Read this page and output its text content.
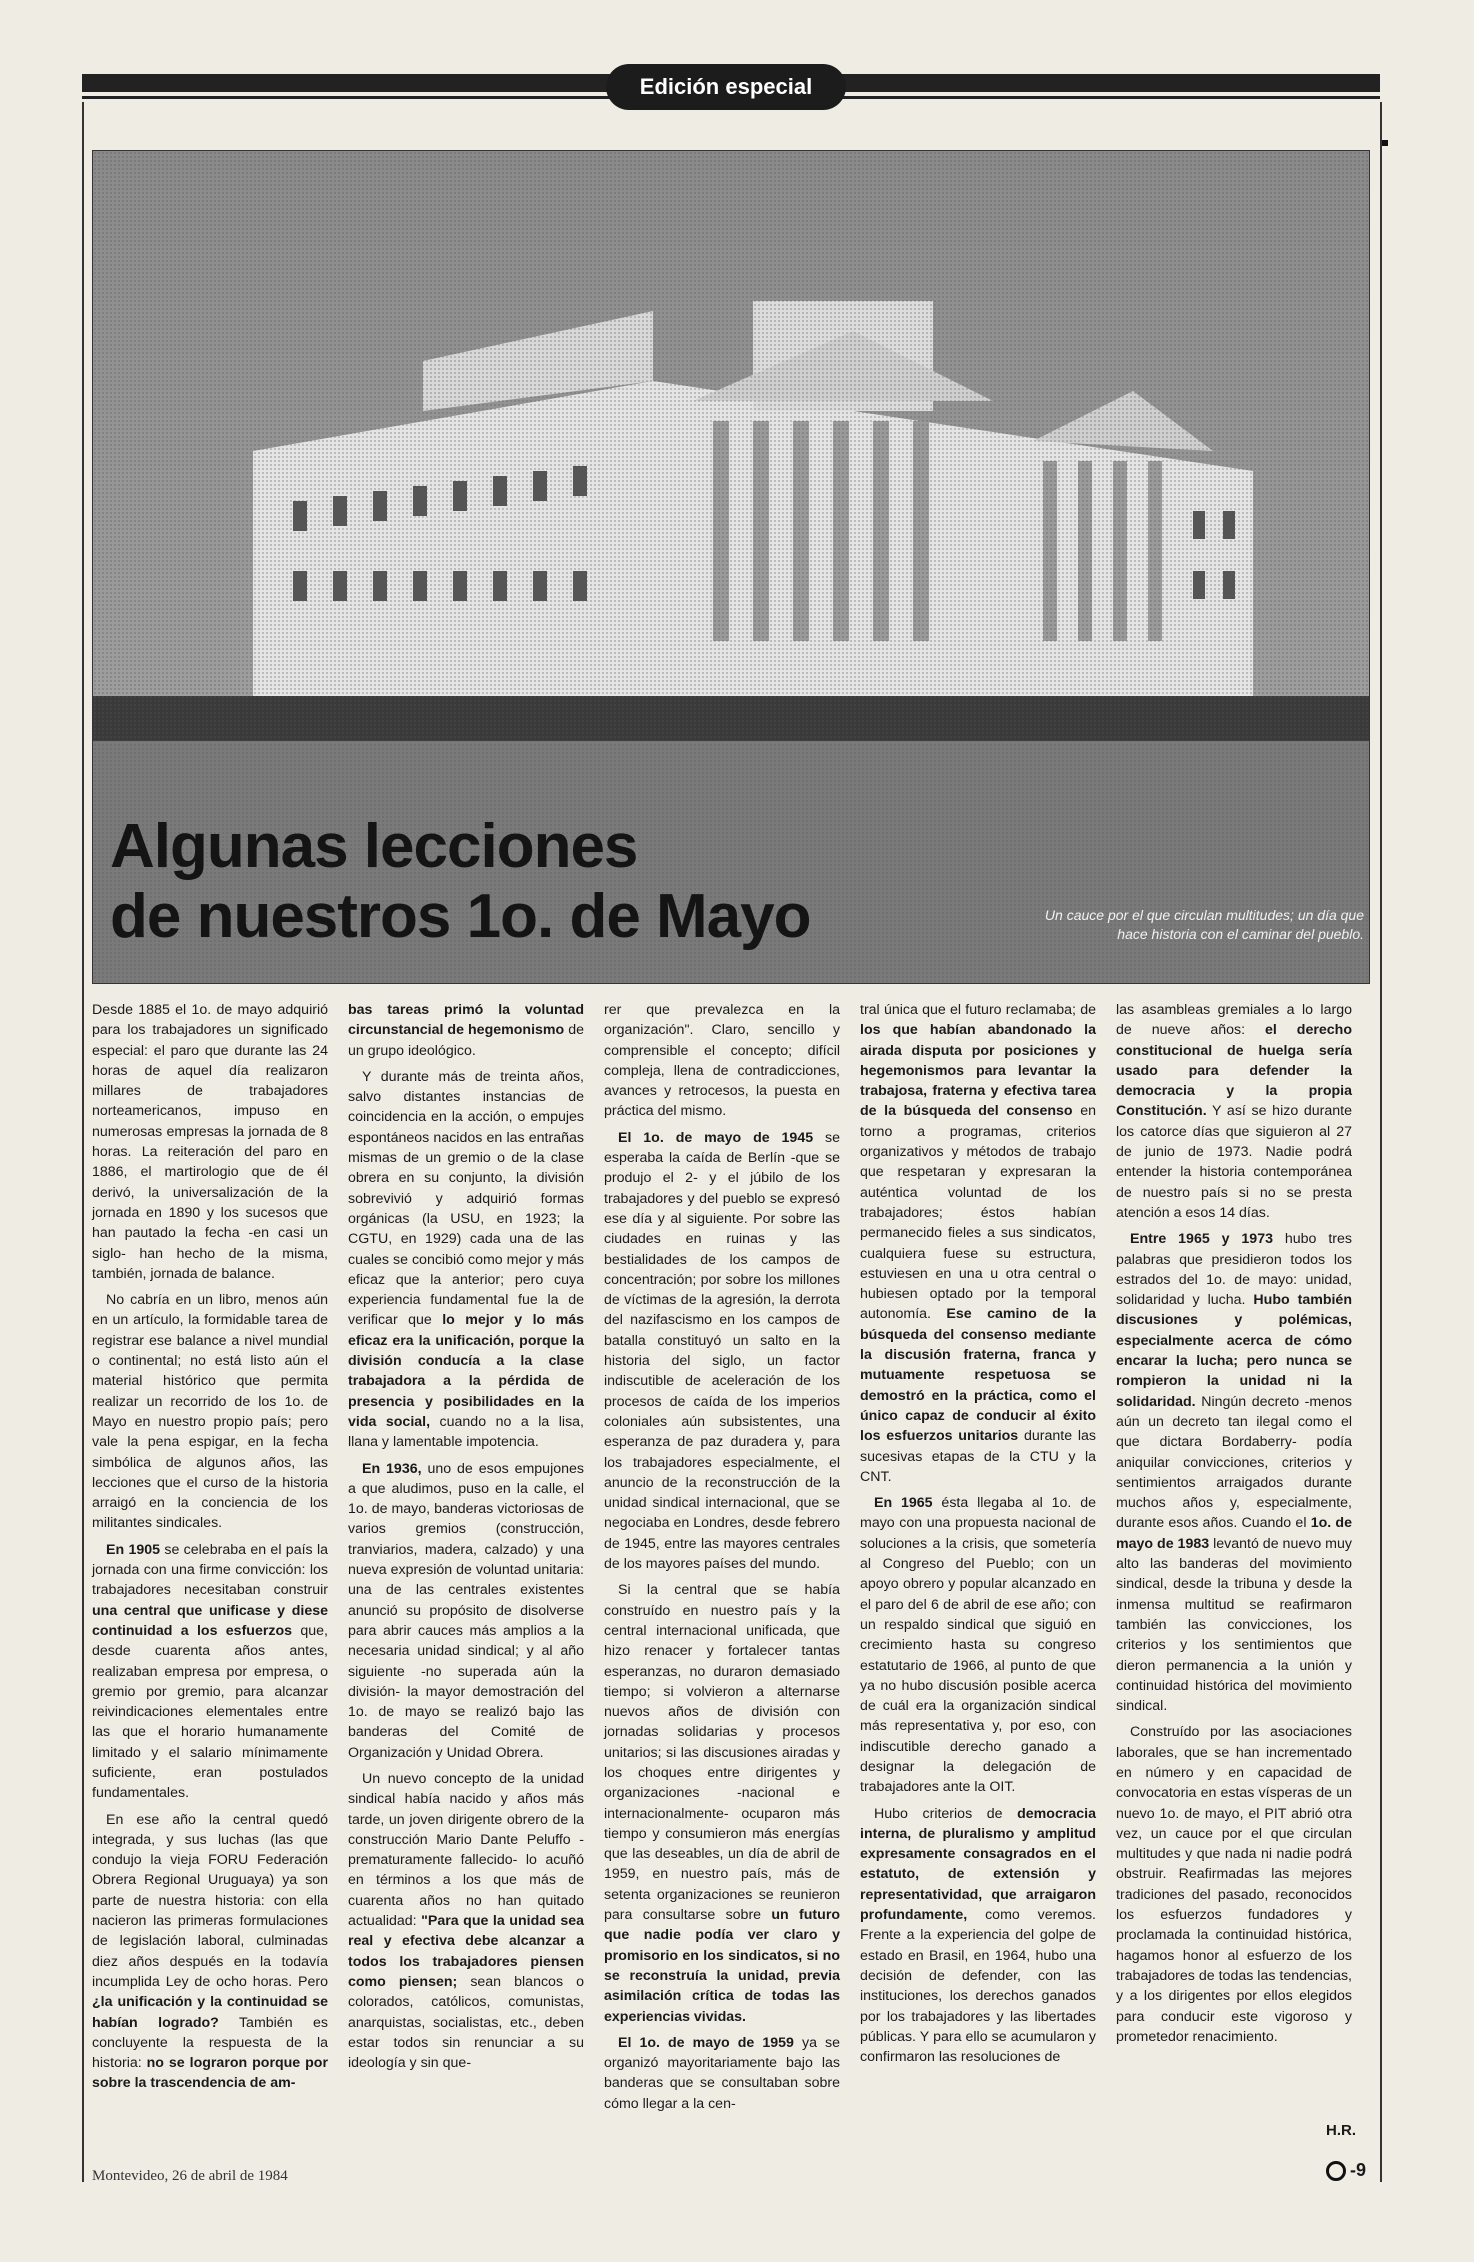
Edición especial
Algunas lecciones
de nuestros 1o. de Mayo	Un cauce por el que circulan multitudes; un día que hace historia con el caminar del pueblo.

Desde 1885 el 1o. de mayo adquirió para los trabajadores un significado especial: el paro que durante las 24 horas de aquel día realizaron millares de trabajadores norteamericanos, impuso en numerosas empresas la jornada de 8 horas. La reiteración del paro en 1886, el martirologio que de él derivó, la universalización de la jornada en 1890 y los sucesos que han pautado la fecha -en casi un siglo- han hecho de la misma, también, jornada de balance.

No cabría en un libro, menos aún en un artículo, la formidable tarea de registrar ese balance a nivel mundial o continental; no está listo aún el material histórico que permita realizar un recorrido de los 1o. de Mayo en nuestro propio país; pero vale la pena espigar, en la fecha simbólica de algunos años, las lecciones que el curso de la historia arraigó en la conciencia de los militantes sindicales.

En 1905 se celebraba en el país la jornada con una firme convicción: los trabajadores necesitaban construir una central que unificase y diese continuidad a los esfuerzos que, desde cuarenta años antes, realizaban empresa por empresa, o gremio por gremio, para alcanzar reivindicaciones elementales entre las que el horario humanamente limitado y el salario mínimamente suficiente, eran postulados fundamentales.

En ese año la central quedó integrada, y sus luchas (las que condujo la vieja FORU Federación Obrera Regional Uruguaya) ya son parte de nuestra historia: con ella nacieron las primeras formulaciones de legislación laboral, culminadas diez años después en la todavía incumplida Ley de ocho horas. Pero ¿la unificación y la continuidad se habían logrado? También es concluyente la respuesta de la historia: no se lograron porque por sobre la trascendencia de am-

bas tareas primó la voluntad circunstancial de hegemonismo de un grupo ideológico.

Y durante más de treinta años, salvo distantes instancias de coincidencia en la acción, o empujes espontáneos nacidos en las entrañas mismas de un gremio o de la clase obrera en su conjunto, la división sobrevivió y adquirió formas orgánicas (la USU, en 1923; la CGTU, en 1929) cada una de las cuales se concibió como mejor y más eficaz que la anterior; pero cuya experiencia fundamental fue la de verificar que lo mejor y lo más eficaz era la unificación, porque la división conducía a la clase trabajadora a la pérdida de presencia y posibilidades en la vida social, cuando no a la lisa, llana y lamentable impotencia.

En 1936, uno de esos empujones a que aludimos, puso en la calle, el 1o. de mayo, banderas victoriosas de varios gremios (construcción, tranviarios, madera, calzado) y una nueva expresión de voluntad unitaria: una de las centrales existentes anunció su propósito de disolverse para abrir cauces más amplios a la necesaria unidad sindical; y al año siguiente -no superada aún la división- la mayor demostración del 1o. de mayo se realizó bajo las banderas del Comité de Organización y Unidad Obrera.

Un nuevo concepto de la unidad sindical había nacido y años más tarde, un joven dirigente obrero de la construcción Mario Dante Peluffo -prematuramente fallecido- lo acuñó en términos a los que más de cuarenta años no han quitado actualidad: "Para que la unidad sea real y efectiva debe alcanzar a todos los trabajadores piensen como piensen; sean blancos o colorados, católicos, comunistas, anarquistas, socialistas, etc., deben estar todos sin renunciar a su ideología y sin que-

rer que prevalezca en la organización". Claro, sencillo y comprensible el concepto; difícil compleja, llena de contradicciones, avances y retrocesos, la puesta en práctica del mismo.

El 1o. de mayo de 1945 se esperaba la caída de Berlín -que se produjo el 2- y el júbilo de los trabajadores y del pueblo se expresó ese día y al siguiente. Por sobre las ciudades en ruinas y las bestialidades de los campos de concentración; por sobre los millones de víctimas de la agresión, la derrota del nazifascismo en los campos de batalla constituyó un salto en la historia del siglo, un factor indiscutible de aceleración de los procesos de caída de los imperios coloniales aún subsistentes, una esperanza de paz duradera y, para los trabajadores especialmente, el anuncio de la reconstrucción de la unidad sindical internacional, que se negociaba en Londres, desde febrero de 1945, entre las mayores centrales de los mayores países del mundo.

Si la central que se había construído en nuestro país y la central internacional unificada, que hizo renacer y fortalecer tantas esperanzas, no duraron demasiado tiempo; si volvieron a alternarse nuevos años de división con jornadas solidarias y procesos unitarios; si las discusiones airadas y los choques entre dirigentes y organizaciones -nacional e internacionalmente- ocuparon más tiempo y consumieron más energías que las deseables, un día de abril de 1959, en nuestro país, más de setenta organizaciones se reunieron para consultarse sobre un futuro que nadie podía ver claro y promisorio en los sindicatos, si no se reconstruía la unidad, previa asimilación crítica de todas las experiencias vividas.

El 1o. de mayo de 1959 ya se organizó mayoritariamente bajo las banderas que se consultaban sobre cómo llegar a la cen-

tral única que el futuro reclamaba; de los que habían abandonado la airada disputa por posiciones y hegemonismos para levantar la trabajosa, fraterna y efectiva tarea de la búsqueda del consenso en torno a programas, criterios organizativos y métodos de trabajo que respetaran y expresaran la auténtica voluntad de los trabajadores; éstos habían permanecido fieles a sus sindicatos, cualquiera fuese su estructura, estuviesen en una u otra central o hubiesen optado por la temporal autonomía. Ese camino de la búsqueda del consenso mediante la discusión fraterna, franca y mutuamente respetuosa se demostró en la práctica, como el único capaz de conducir al éxito los esfuerzos unitarios durante las sucesivas etapas de la CTU y la CNT.

En 1965 ésta llegaba al 1o. de mayo con una propuesta nacional de soluciones a la crisis, que sometería al Congreso del Pueblo; con un apoyo obrero y popular alcanzado en el paro del 6 de abril de ese año; con un respaldo sindical que siguió en crecimiento hasta su congreso estatutario de 1966, al punto de que ya no hubo discusión posible acerca de cuál era la organización sindical más representativa y, por eso, con indiscutible derecho ganado a designar la delegación de trabajadores ante la OIT.

Hubo criterios de democracia interna, de pluralismo y amplitud expresamente consagrados en el estatuto, de extensión y representatividad, que arraigaron profundamente, como veremos. Frente a la experiencia del golpe de estado en Brasil, en 1964, hubo una decisión de defender, con las instituciones, los derechos ganados por los trabajadores y las libertades públicas. Y para ello se acumularon y confirmaron las resoluciones de

las asambleas gremiales a lo largo de nueve años: el derecho constitucional de huelga sería usado para defender la democracia y la propia Constitución. Y así se hizo durante los catorce días que siguieron al 27 de junio de 1973. Nadie podrá entender la historia contemporánea de nuestro país si no se presta atención a esos 14 días.

Entre 1965 y 1973 hubo tres palabras que presidieron todos los estrados del 1o. de mayo: unidad, solidaridad y lucha. Hubo también discusiones y polémicas, especialmente acerca de cómo encarar la lucha; pero nunca se rompieron la unidad ni la solidaridad. Ningún decreto -menos aún un decreto tan ilegal como el que dictara Bordaberry- podía aniquilar convicciones, criterios y sentimientos arraigados durante muchos años y, especialmente, durante esos años. Cuando el 1o. de mayo de 1983 levantó de nuevo muy alto las banderas del movimiento sindical, desde la tribuna y desde la inmensa multitud se reafirmaron también las convicciones, los criterios y los sentimientos que dieron permanencia a la unión y continuidad histórica del movimiento sindical.

Construído por las asociaciones laborales, que se han incrementado en número y en capacidad de convocatoria en estas vísperas de un nuevo 1o. de mayo, el PIT abrió otra vez, un cauce por el que circulan multitudes y que nada ni nadie podrá obstruir. Reafirmadas las mejores tradiciones del pasado, reconocidos los esfuerzos fundadores y proclamada la continuidad histórica, hagamos honor al esfuerzo de los trabajadores de todas las tendencias, y a los dirigentes por ellos elegidos para conducir este vigoroso y prometedor renacimiento.

H.R.
Montevideo, 26 de abril de 1984	-9
